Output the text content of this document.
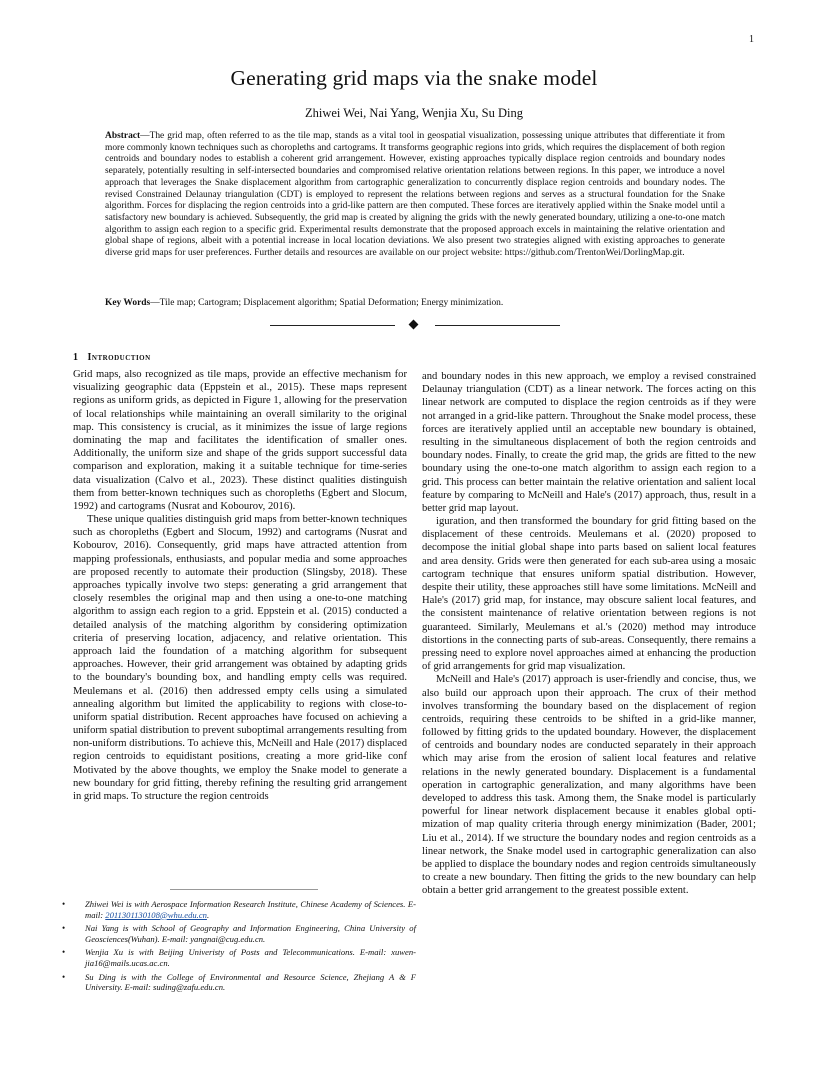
1
Generating grid maps via the snake model
Zhiwei Wei, Nai Yang, Wenjia Xu, Su Ding
Abstract—The grid map, often referred to as the tile map, stands as a vital tool in geospatial visualization, possessing unique attributes that differentiate it from more commonly known techniques such as choropleths and cartograms. It transforms geographic regions into grids, which requires the displacement of both region centroids and boundary nodes to establish a coherent grid arrangement. However, existing approaches typically displace region centroids and boundary nodes separately, potentially resulting in self-intersected boundaries and compromised relative orientation relations between regions. In this paper, we introduce a novel approach that leverages the Snake displacement algorithm from cartographic generalization to concurrently displace region centroids and boundary nodes. The revised Constrained Delaunay triangulation (CDT) is employed to represent the relations between regions and serves as a structural foundation for the Snake algorithm. Forces for displacing the region centroids into a grid-like pattern are then computed. These forces are iteratively applied within the Snake model until a satisfactory new boundary is achieved. Subsequently, the grid map is created by aligning the grids with the newly generated boundary, utilizing a one-to-one match algorithm to assign each region to a specific grid. Experimental results demonstrate that the proposed approach excels in maintaining the relative orientation and global shape of regions, albeit with a potential increase in local location deviations. We also present two strategies aligned with existing approaches to generate diverse grid maps for user preferences. Further details and resources are available on our project website: https://github.com/TrentonWei/DorlingMap.git.
Key Words—Tile map; Cartogram; Displacement algorithm; Spatial Deformation; Energy minimization.
1 Introduction

Grid maps, also recognized as tile maps, provide an effective mechanism for visualizing geographic data (Eppstein et al., 2015). These maps represent regions as uniform grids, as depicted in Figure 1, allowing for the preservation of local relationships while maintaining an overall similarity to the original map. This consistency is crucial, as it minimizes the issue of large regions dominating the map and facilitates the identification of smaller ones. Additionally, the uniform size and shape of the grids support successful data comparison and exploration, making it a suitable technique for time-series data visualization (Calvo et al., 2023). These distinct qualities distinguish them from better-known techniques such as choropleths (Egbert and Slocum, 1992) and cartograms (Nusrat and Kobourov, 2016).

These unique qualities distinguish grid maps from better-known techniques such as choropleths (Egbert and Slocum, 1992) and cartograms (Nusrat and Kobourov, 2016). Consequently, grid maps have attracted attention from mapping professionals, enthusiasts, and popular media and some approaches are proposed recently to automate their production (Slingsby, 2018). These approaches typically involve two steps: generating a grid arrangement that closely resembles the original map and then using a one-to-one matching algorithm to assign each region to a grid. Eppstein et al. (2015) conducted a detailed analysis of the matching algorithm by considering optimization criteria of preserving location, adjacency, and relative orientation. This approach laid the foundation of a matching algorithm for subsequent approaches. However, their grid arrangement was obtained by adapting grids to the boundary's bounding box, and handling empty cells was required. Meulemans et al. (2016) then addressed empty cells using a simulated annealing algorithm but limited the applicability to regions with close-to-uniform spatial distribution. Recent approaches have focused on achieving a uniform spatial distribution to prevent suboptimal arrangements resulting from non-uniform distributions. To achieve this, McNeill and Hale (2017) displaced region centroids to equidistant positions, creating a more grid-like conf Motivated by the above thoughts, we employ the Snake model to generate a new boundary for grid fitting, thereby refining the resulting grid arrangement in grid maps. To structure the region centroids

and boundary nodes in this new approach, we employ a revised constrained Delaunay triangulation (CDT) as a linear network. The forces acting on this linear network are computed to displace the region centroids as if they were not arranged in a grid-like pattern. Throughout the Snake model process, these forces are iteratively applied until an acceptable new boundary is obtained, resulting in the simultaneous displacement of both the region centroids and boundary nodes. Finally, to create the grid map, the grids are fitted to the new boundary using the one-to-one match algorithm to assign each region to a grid. This process can better maintain the relative orientation and salient local feature by comparing to McNeill and Hale's (2017) approach, thus, result in a better grid map layout.

iguration, and then transformed the boundary for grid fitting based on the displacement of these centroids. Meulemans et al. (2020) proposed to decompose the initial global shape into parts based on salient local features and area density. Grids were then generated for each sub-area using a mosaic cartogram technique that ensures uniform spatial distribution. However, despite their utility, these approaches still have some limitations. McNeill and Hale's (2017) grid map, for instance, may obscure salient local features, and the consistent maintenance of relative orientation between regions is not guaranteed. Similarly, Meulemans et al.'s (2020) method may introduce distortions in the connecting parts of sub-areas. Consequently, there remains a pressing need to explore novel approaches aimed at enhancing the production of grid arrangements for grid map visualization.

McNeill and Hale's (2017) approach is user-friendly and concise, thus, we also build our approach upon their approach. The crux of their method involves transforming the boundary based on the displacement of region centroids, requiring these centroids to be shifted in a grid-like manner, followed by fitting grids to the updated boundary. However, the displacement of centroids and boundary nodes are conducted separately in their approach which may arise from the erosion of salient local features and relative relations in the newly generated boundary. Displacement is a fundamental operation in cartographic generalization, and many algorithms have been developed to address this task. Among them, the Snake model is particularly powerful for linear network displacement because it enables global optimization of map quality criteria through energy minimization (Bader, 2001; Liu et al., 2014). If we structure the boundary nodes and region centroids as a linear network, the Snake model used in cartographic generalization can also be applied to displace the boundary nodes and region centroids simultaneously to create a new boundary. Then fitting the grids to the new boundary can help obtain a better grid arrangement to the greatest possible extent.

• Zhiwei Wei is with Aerospace Information Research Institute, Chinese Academy of Sciences. E-mail: 2011301130108@whu.edu.cn.
• Nai Yang is with School of Geography and Information Engineering, China University of Geosciences(Wuhan). E-mail: yangnai@cug.edu.cn.
• Wenjia Xu is with Beijing Univeristy of Posts and Telecommunications. E-mail: xuwen-jia16@mails.ucas.ac.cn.
• Su Ding is with the College of Environmental and Resource Science, Zhejiang A & F University. E-mail: suding@zafu.edu.cn.
